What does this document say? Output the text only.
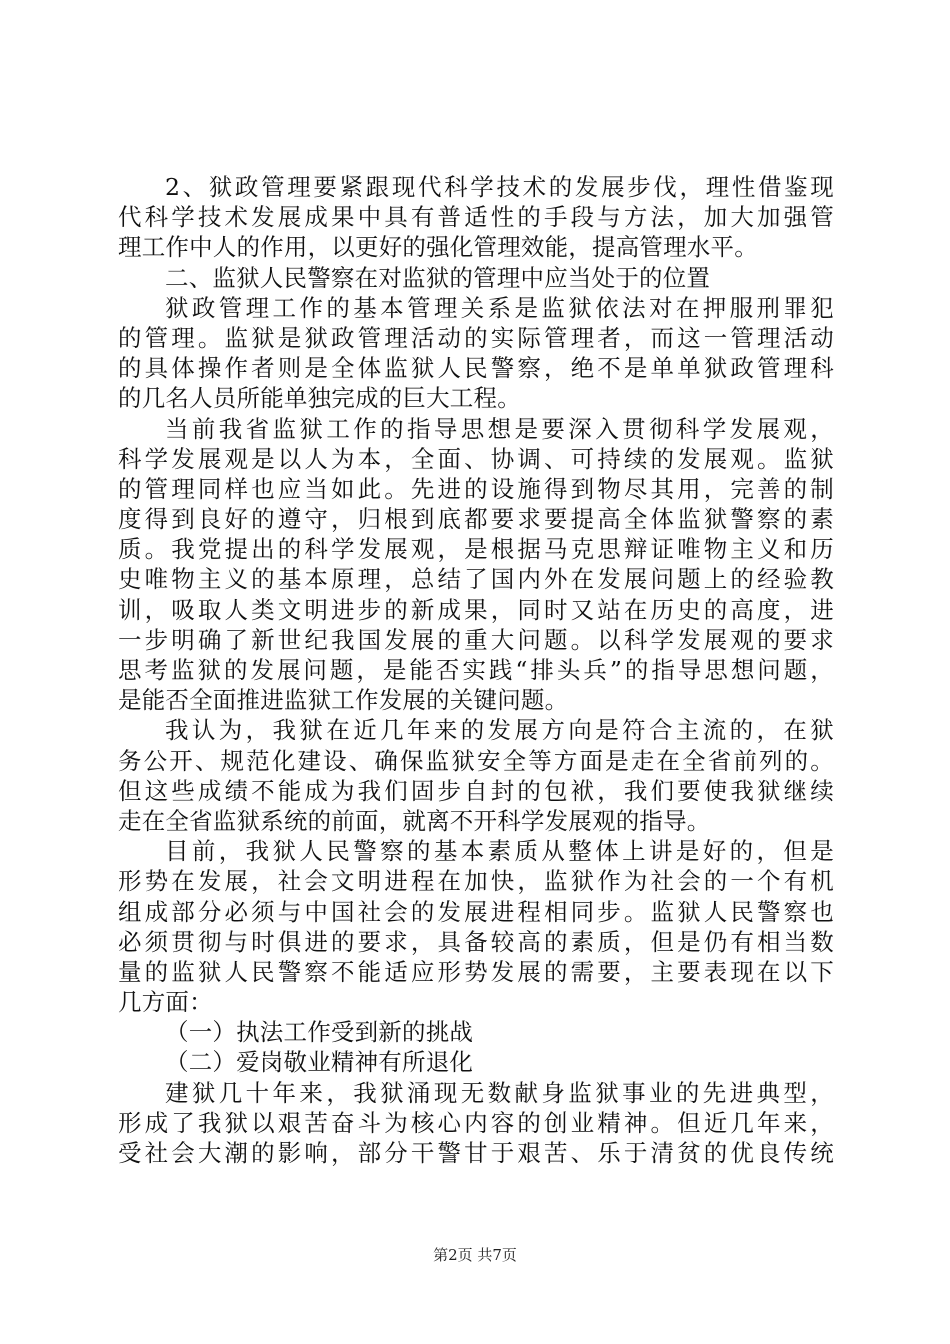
2、狱政管理要紧跟现代科学技术的发展步伐，理性借鉴现
代科学技术发展成果中具有普适性的手段与方法，加大加强管
理工作中人的作用，以更好的强化管理效能，提高管理水平。
二、监狱人民警察在对监狱的管理中应当处于的位置
狱政管理工作的基本管理关系是监狱依法对在押服刑罪犯
的管理。监狱是狱政管理活动的实际管理者，而这一管理活动
的具体操作者则是全体监狱人民警察，绝不是单单狱政管理科
的几名人员所能单独完成的巨大工程。
当前我省监狱工作的指导思想是要深入贯彻科学发展观，
科学发展观是以人为本，全面、协调、可持续的发展观。监狱
的管理同样也应当如此。先进的设施得到物尽其用，完善的制
度得到良好的遵守，归根到底都要求要提高全体监狱警察的素
质。我党提出的科学发展观，是根据马克思辩证唯物主义和历
史唯物主义的基本原理，总结了国内外在发展问题上的经验教
训，吸取人类文明进步的新成果，同时又站在历史的高度，进
一步明确了新世纪我国发展的重大问题。以科学发展观的要求
思考监狱的发展问题，是能否实践“排头兵”的指导思想问题，
是能否全面推进监狱工作发展的关键问题。
我认为，我狱在近几年来的发展方向是符合主流的，在狱
务公开、规范化建设、确保监狱安全等方面是走在全省前列的。
但这些成绩不能成为我们固步自封的包袱，我们要使我狱继续
走在全省监狱系统的前面，就离不开科学发展观的指导。
目前，我狱人民警察的基本素质从整体上讲是好的，但是
形势在发展，社会文明进程在加快，监狱作为社会的一个有机
组成部分必须与中国社会的发展进程相同步。监狱人民警察也
必须贯彻与时俱进的要求，具备较高的素质，但是仍有相当数
量的监狱人民警察不能适应形势发展的需要，主要表现在以下
几方面：
（一）执法工作受到新的挑战
（二）爱岗敬业精神有所退化
建狱几十年来，我狱涌现无数献身监狱事业的先进典型，
形成了我狱以艰苦奋斗为核心内容的创业精神。但近几年来，
受社会大潮的影响，部分干警甘于艰苦、乐于清贫的优良传统
第2页 共7页
